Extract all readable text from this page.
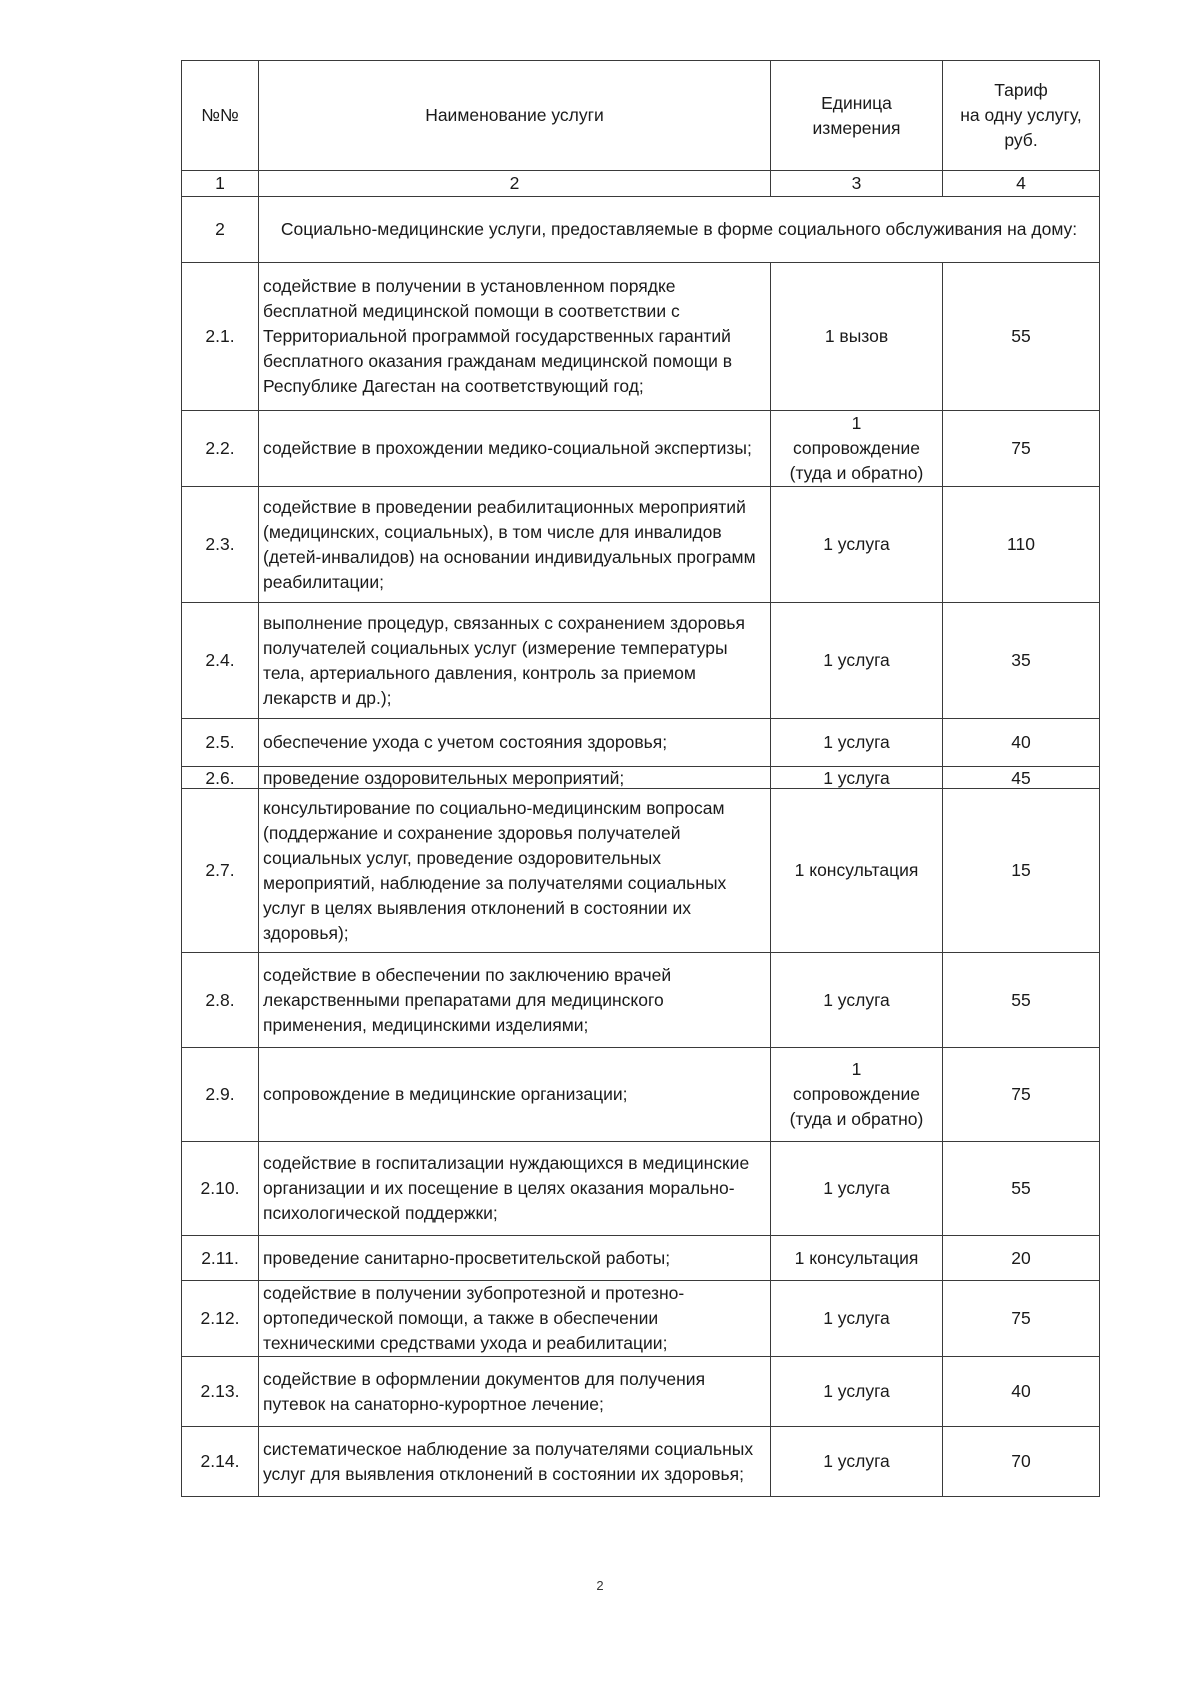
№№	Наименование услуги	Единица
измерения	Тариф
на одну услугу,
руб.
1	2	3	4
2	Социально-медицинские услуги, предоставляемые в форме социального обслуживания на дому:		
2.1.	содействие в получении в установленном порядке бесплатной медицинской помощи в соответствии с Территориальной программой государственных гарантий бесплатного оказания гражданам медицинской помощи в Республике Дагестан на соответствующий год;	1 вызов	55
2.2.	содействие в прохождении медико-социальной экспертизы;	1
сопровождение
(туда и обратно)	75
2.3.	содействие в проведении реабилитационных мероприятий (медицинских, социальных), в том числе для инвалидов (детей-инвалидов) на основании индивидуальных программ реабилитации;	1 услуга	110
2.4.	выполнение процедур, связанных с сохранением здоровья получателей социальных услуг (измерение температуры тела, артериального давления, контроль за приемом лекарств и др.);	1 услуга	35
2.5.	обеспечение ухода с учетом состояния здоровья;	1 услуга	40
2.6.	проведение оздоровительных мероприятий;	1 услуга	45
2.7.	консультирование по социально-медицинским вопросам (поддержание и сохранение здоровья получателей социальных услуг, проведение оздоровительных мероприятий, наблюдение за получателями социальных услуг в целях выявления отклонений в состоянии их здоровья);	1 консультация	15
2.8.	содействие в обеспечении по заключению врачей лекарственными препаратами для медицинского применения, медицинскими изделиями;	1 услуга	55
2.9.	сопровождение в медицинские организации;	1
сопровождение
(туда и обратно)	75
2.10.	содействие в госпитализации нуждающихся в медицинские организации и их посещение в целях оказания морально-психологической поддержки;	1 услуга	55
2.11.	проведение санитарно-просветительской работы;	1 консультация	20
2.12.	содействие в получении зубопротезной и протезно-ортопедической помощи, а также в обеспечении техническими средствами ухода и реабилитации;	1 услуга	75
2.13.	содействие в оформлении документов для получения путевок на санаторно-курортное лечение;	1 услуга	40
2.14.	систематическое наблюдение за получателями социальных услуг для выявления отклонений в состоянии их здоровья;	1 услуга	70
2
